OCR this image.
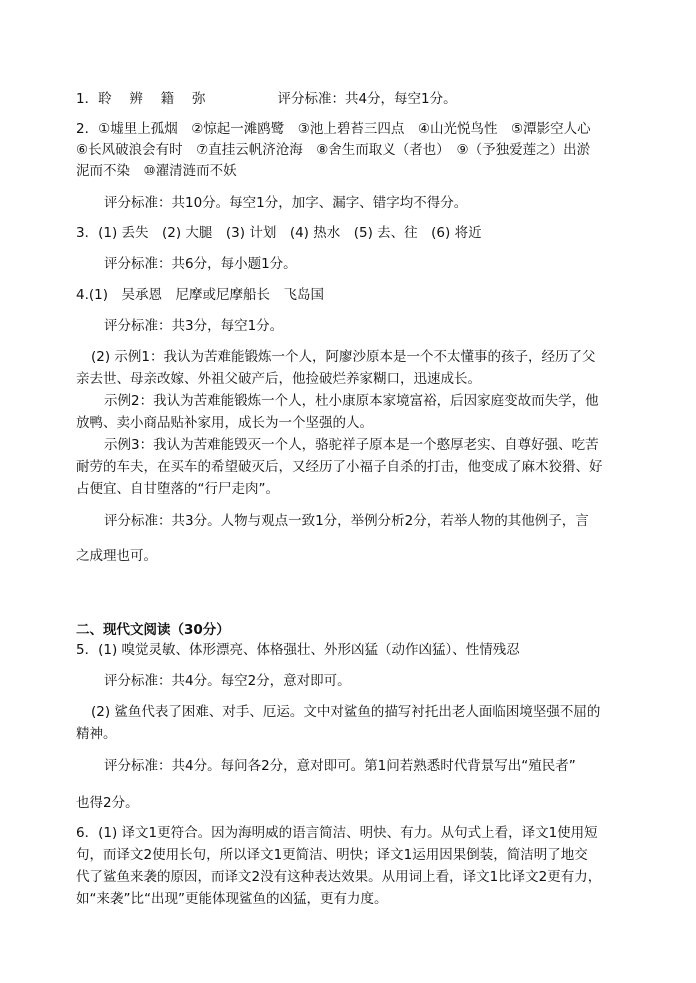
1．聆　 辨　 籍　 弥	评分标准：共4分，每空1分。
2．①墟里上孤烟　②惊起一滩鸥鹭　③池上碧苔三四点　④山光悦鸟性　⑤潭影空人心
⑥长风破浪会有时　⑦直挂云帆济沧海　⑧舍生而取义（者也）　⑨（予独爱莲之）出淤
泥而不染　⑩濯清涟而不妖
评分标准：共10分。每空1分，加字、漏字、错字均不得分。
3．(1) 丢失　(2) 大腿　(3) 计划　(4) 热水　(5) 去、往　(6) 将近
评分标准：共6分，每小题1分。
4.(1)　吴承恩　尼摩或尼摩船长　飞岛国
评分标准：共3分，每空1分。
(2) 示例1：我认为苦难能锻炼一个人，阿廖沙原本是一个不太懂事的孩子，经历了父
亲去世、母亲改嫁、外祖父破产后，他捡破烂养家糊口，迅速成长。
示例2：我认为苦难能锻炼一个人，杜小康原本家境富裕，后因家庭变故而失学，他
放鸭、卖小商品贴补家用，成长为一个坚强的人。
示例3：我认为苦难能毁灭一个人，骆驼祥子原本是一个憨厚老实、自尊好强、吃苦
耐劳的车夫，在买车的希望破灭后，又经历了小福子自杀的打击，他变成了麻木狡猾、好
占便宜、自甘堕落的“行尸走肉”。
评分标准：共3分。人物与观点一致1分，举例分析2分，若举人物的其他例子，言
之成理也可。
二、现代文阅读（30分）
5．(1) 嗅觉灵敏、体形漂亮、体格强壮、外形凶猛（动作凶猛）、性情残忍
评分标准：共4分。每空2分，意对即可。
(2) 鲨鱼代表了困难、对手、厄运。文中对鲨鱼的描写衬托出老人面临困境坚强不屈的
精神。
评分标准：共4分。每问各2分，意对即可。第1问若熟悉时代背景写出“殖民者”
也得2分。
6．(1) 译文1更符合。因为海明威的语言简洁、明快、有力。从句式上看，译文1使用短
句，而译文2使用长句，所以译文1更简洁、明快；译文1运用因果倒装，简洁明了地交
代了鲨鱼来袭的原因，而译文2没有这种表达效果。从用词上看，译文1比译文2更有力，
如“来袭”比“出现”更能体现鲨鱼的凶猛，更有力度。
